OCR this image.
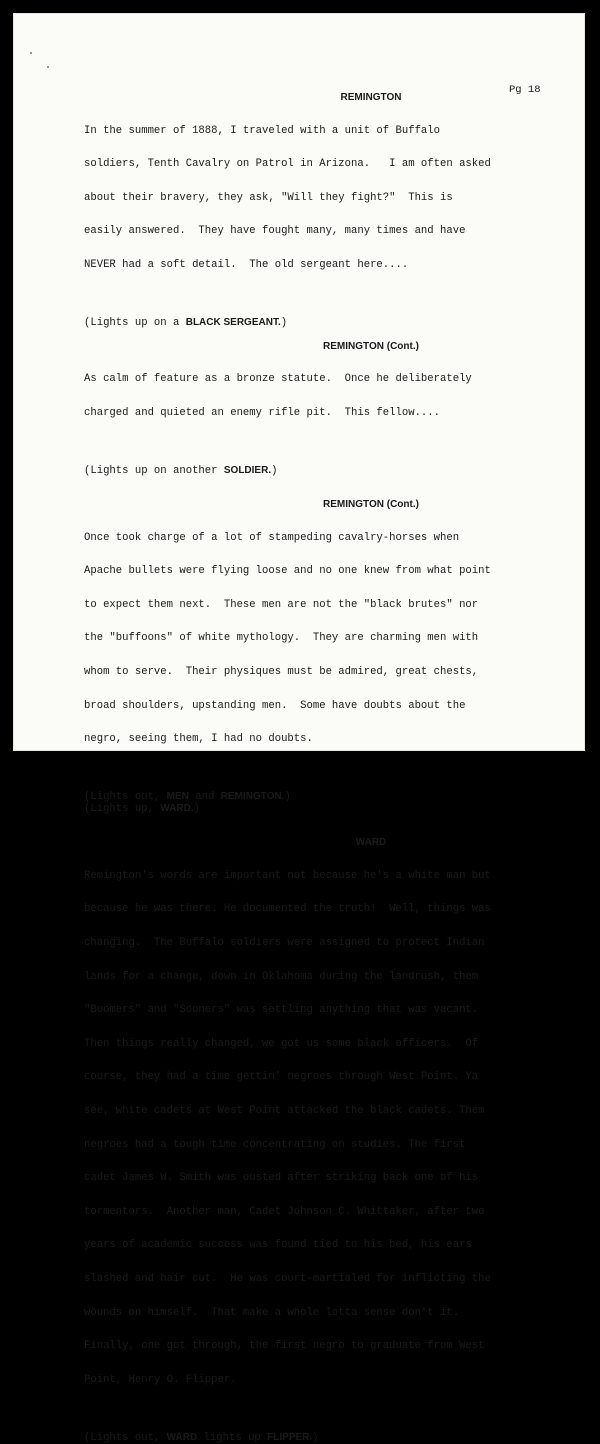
Pg 18
REMINGTON

In the summer of 1888, I traveled with a unit of Buffalo

soldiers, Tenth Cavalry on Patrol in Arizona.   I am often asked

about their bravery, they ask, "Will they fight?"  This is

easily answered.  They have fought many, many times and have

NEVER had a soft detail.  The old sergeant here....

(Lights up on a BLACK SERGEANT.)
REMINGTON (Cont.)

As calm of feature as a bronze statute.  Once he deliberately

charged and quieted an enemy rifle pit.  This fellow....

(Lights up on another SOLDIER.)
REMINGTON (Cont.)

Once took charge of a lot of stampeding cavalry-horses when

Apache bullets were flying loose and no one knew from what point

to expect them next.  These men are not the "black brutes" nor

the "buffoons" of white mythology.  They are charming men with

whom to serve.  Their physiques must be admired, great chests,

broad shoulders, upstanding men.  Some have doubts about the

negro, seeing them, I had no doubts.

(Lights out, MEN and REMINGTON.)
(Lights up, WARD.)
WARD

Remington's words are important not because he's a white man but

because he was there. He documented the truth!  Well, things was

changing.  The Buffalo soldiers were assigned to protect Indian

lands for a change, down in Oklahoma during the landrush, them

"Boomers" and "Sooners" was settling anything that was vacant.

Then things really changed, we got us some black officers.  Of

course, they had a time gettin' negroes through West Point. Ya

see, white cadets at West Point attacked the black cadets. Them

negroes had a tough time concentrating on studies. The first

cadet James W. Smith was ousted after striking back one of his

tormentors.  Another man, Cadet Johnson C. Whittaker, after two

years of academic success was found tied to his bed, his ears

slashed and hair cut.  He was court-martialed for inflicting the

wounds on himself.  That make a whole lotta sense don't it.

Finally, one got through, the first negro to graduate from West

Point, Henry O. Flipper.

(Lights out, WARD lights up FLIPPER.)
